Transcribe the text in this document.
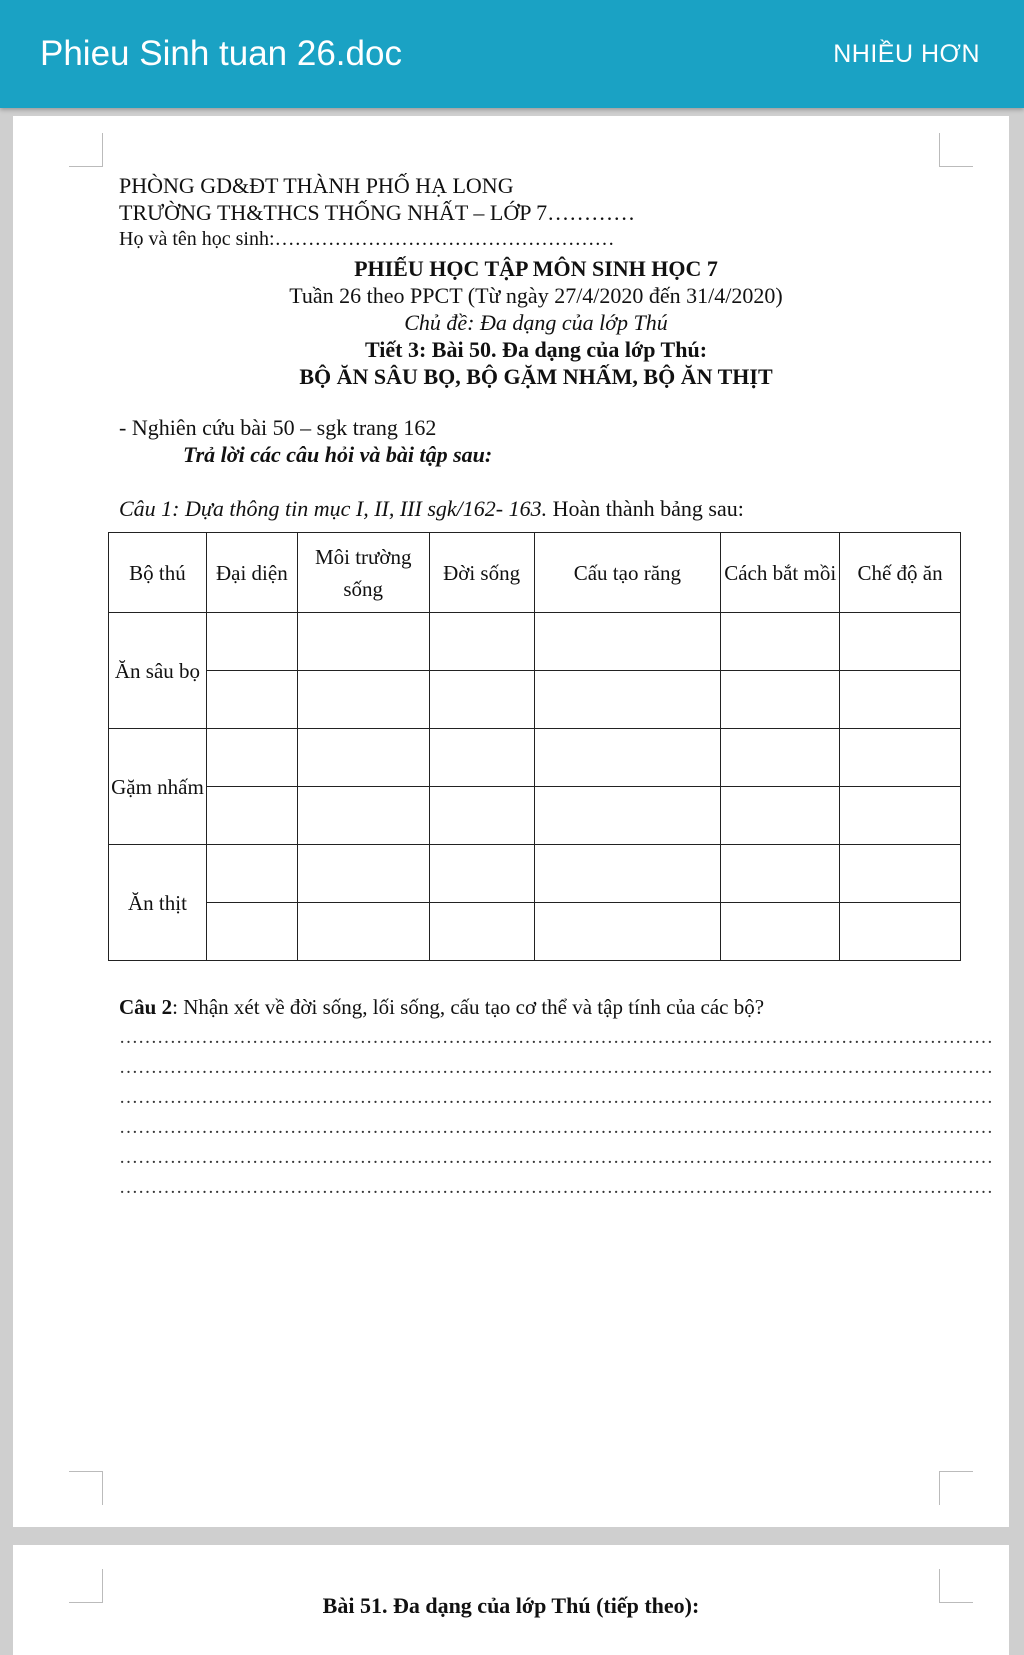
Phieu Sinh tuan 26.doc	NHIỀU HƠN
PHÒNG GD&ĐT THÀNH PHỐ HẠ LONG
TRƯỜNG TH&THCS THỐNG NHẤT – LỚP 7…………
Họ và tên học sinh:……………………………………………
PHIẾU HỌC TẬP MÔN SINH HỌC 7
Tuần 26 theo PPCT (Từ ngày 27/4/2020 đến 31/4/2020)
Chủ đề: Đa dạng của lớp Thú
Tiết 3: Bài 50. Đa dạng của lớp Thú:
BỘ ĂN SÂU BỌ, BỘ GẶM NHẤM, BỘ ĂN THỊT
- Nghiên cứu bài 50 – sgk trang 162
Trả lời các câu hỏi và bài tập sau:
Câu 1: Dựa thông tin mục I, II, III sgk/162- 163. Hoàn thành bảng sau:
Bộ thú	Đại diện	Môi trường sống	Đời sống	Cấu tạo răng	Cách bắt mồi	Chế độ ăn
Ăn sâu bọ						

Gặm nhấm						

Ăn thịt						

Câu 2: Nhận xét về đời sống, lối sống, cấu tạo cơ thể và tập tính của các bộ?
…………………………………………………………………………………………………………………………
…………………………………………………………………………………………………………………………
…………………………………………………………………………………………………………………………
…………………………………………………………………………………………………………………………
…………………………………………………………………………………………………………………………
…………………………………………………………………………………………………………………………
Bài 51. Đa dạng của lớp Thú (tiếp theo):
